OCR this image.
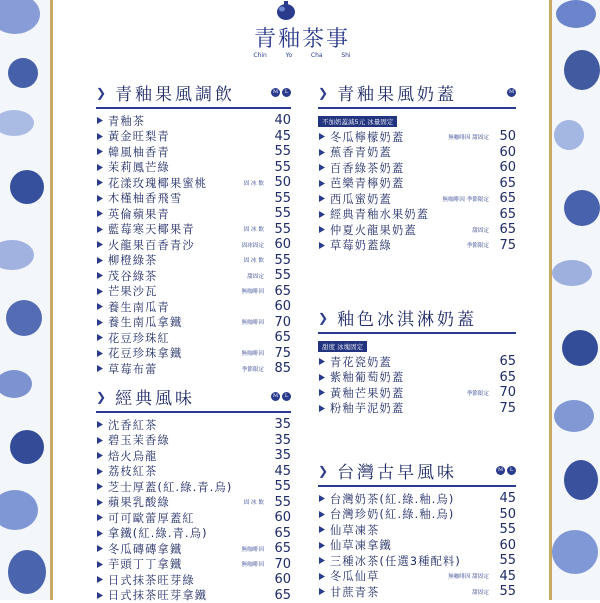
青釉茶事
Chin	Yo	Cha	Shi
❯ 青釉果風調飲	M	L
青釉茶	40
黃金旺梨青	45
韓風柚香青	55
茉莉鳳芒綠	55
花漾玫瑰椰果蜜桃	固 冰 飲 50
木槿柚香飛雪	55
英倫蘋果青	55
藍莓寒天椰果青	固 冰 飲 55
火龍果百香青沙	固冰固定 60
柳橙綠茶	固 冰 飲 55
茂谷綠茶	甜固定 55
芒果沙瓦	無咖啡因 65
養生南瓜青	60
養生南瓜拿鐵	無咖啡因 70
花豆珍珠紅	65
花豆珍珠拿鐵	無咖啡因 75
草莓布蕾	季節限定 85
❯ 經典風味	M	L
沈香紅茶	35
碧玉茉香綠	35
焙火烏龍	35
荔枝紅茶	45
芝士厚蓋(紅.綠.青.烏)	55
蘋果乳酸綠	固 冰 飲 55
可可歐蕾厚蓋紅	60
拿鐵(紅.綠.青.烏)	65
冬瓜磚磚拿鐵	無咖啡因 65
芋頭丁丁拿鐵	無咖啡因 70
日式抹茶旺芽綠	60
日式抹茶旺芽拿鐵	65
❯ 青釉果風奶蓋	M
不加奶蓋減5元 冰量固定
冬瓜檸檬奶蓋	無咖啡因 甜固定 50
蕉香青奶蓋	60
百香綠茶奶蓋	60
芭樂青檸奶蓋	65
西瓜蜜奶蓋	無咖啡因 季節限定 65
經典青釉水果奶蓋	65
仲夏火龍果奶蓋	甜固定 65
草莓奶蓋綠	季節限定 75
❯ 釉色冰淇淋奶蓋
甜度 冰塊固定
青花瓷奶蓋	65
紫釉葡萄奶蓋	65
黃釉芒果奶蓋	季節限定 70
粉釉芋泥奶蓋	75
❯ 台灣古早風味	M	L
台灣奶茶(紅.綠.釉.烏)	45
台灣珍奶(紅.綠.釉.烏)	50
仙草凍茶	55
仙草凍拿鐵	60
三種冰茶(任選3種配料)	55
冬瓜仙草	無咖啡因 甜固定 45
甘蔗青茶	甜固定 55
